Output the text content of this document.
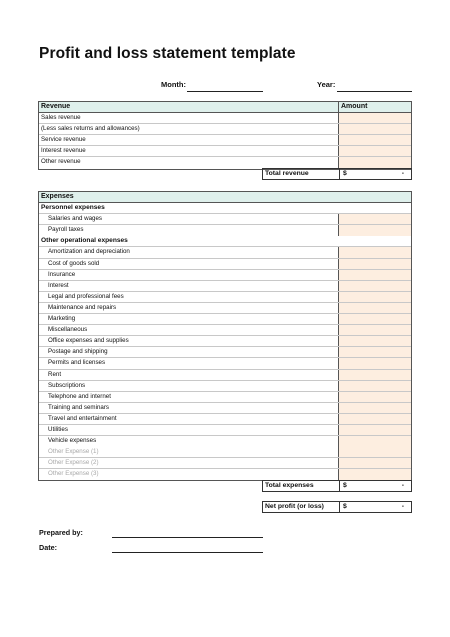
Profit and loss statement template
Month:	Year:
Revenue	Amount
Sales revenue
(Less sales returns and allowances)
Service revenue
Interest revenue
Other revenue
Total revenue	$	-
Expenses
Personnel expenses
Salaries and wages
Payroll taxes
Other operational expenses
Amortization and depreciation
Cost of goods sold
Insurance
Interest
Legal and professional fees
Maintenance and repairs
Marketing
Miscellaneous
Office expenses and supplies
Postage and shipping
Permits and licenses
Rent
Subscriptions
Telephone and internet
Training and seminars
Travel and entertainment
Utilities
Vehicle expenses
Other Expense (1)
Other Expense (2)
Other Expense (3)
Total expenses	$	-
Net profit (or loss)	$	-
Prepared by:
Date:
